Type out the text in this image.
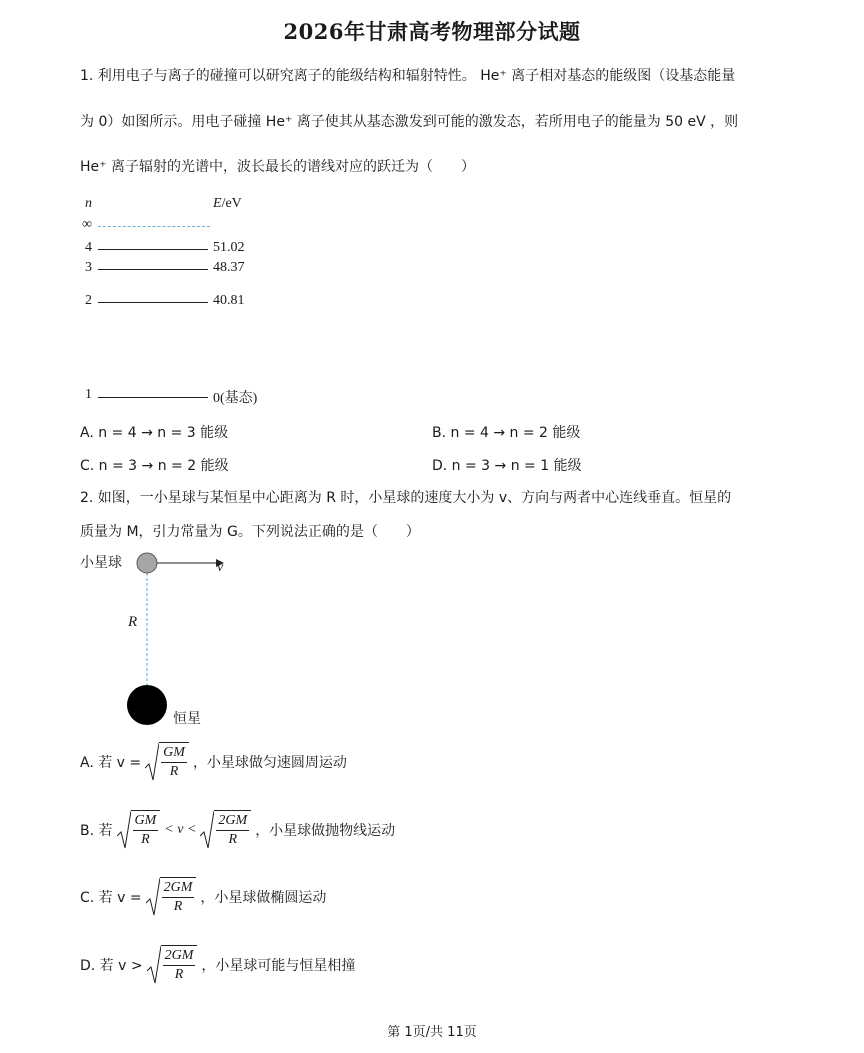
2026年甘肃高考物理部分试题
1. 利用电子与离子的碰撞可以研究离子的能级结构和辐射特性。 He⁺ 离子相对基态的能级图（设基态能量
为 0）如图所示。用电子碰撞 He⁺ 离子使其从基态激发到可能的激发态，若所用电子的能量为 50 eV ，则
He⁺ 离子辐射的光谱中，波长最长的谱线对应的跃迁为（　　）
n	E/eV
∞
4	51.02
3	48.37
2	40.81
1	0(基态)
A. n = 4 → n = 3 能级	B. n = 4 → n = 2 能级
C. n = 3 → n = 2 能级	D. n = 3 → n = 1 能级
2. 如图，一小星球与某恒星中心距离为 R 时，小星球的速度大小为 v、方向与两者中心连线垂直。恒星的
质量为 M，引力常量为 G。下列说法正确的是（　　）
小星球	v
R
恒星
A. 若 $v = \frac{GM}{R}$ ，小星球做匀速圆周运动
B. 若 $\frac{GM}{R} < v < \frac{2GM}{R}$ ，小星球做抛物线运动
C. 若 $v = \frac{2GM}{R}$ ，小星球做椭圆运动
D. 若 $v > \frac{2GM}{R}$ ，小星球可能与恒星相撞
第 1页/共 11页
